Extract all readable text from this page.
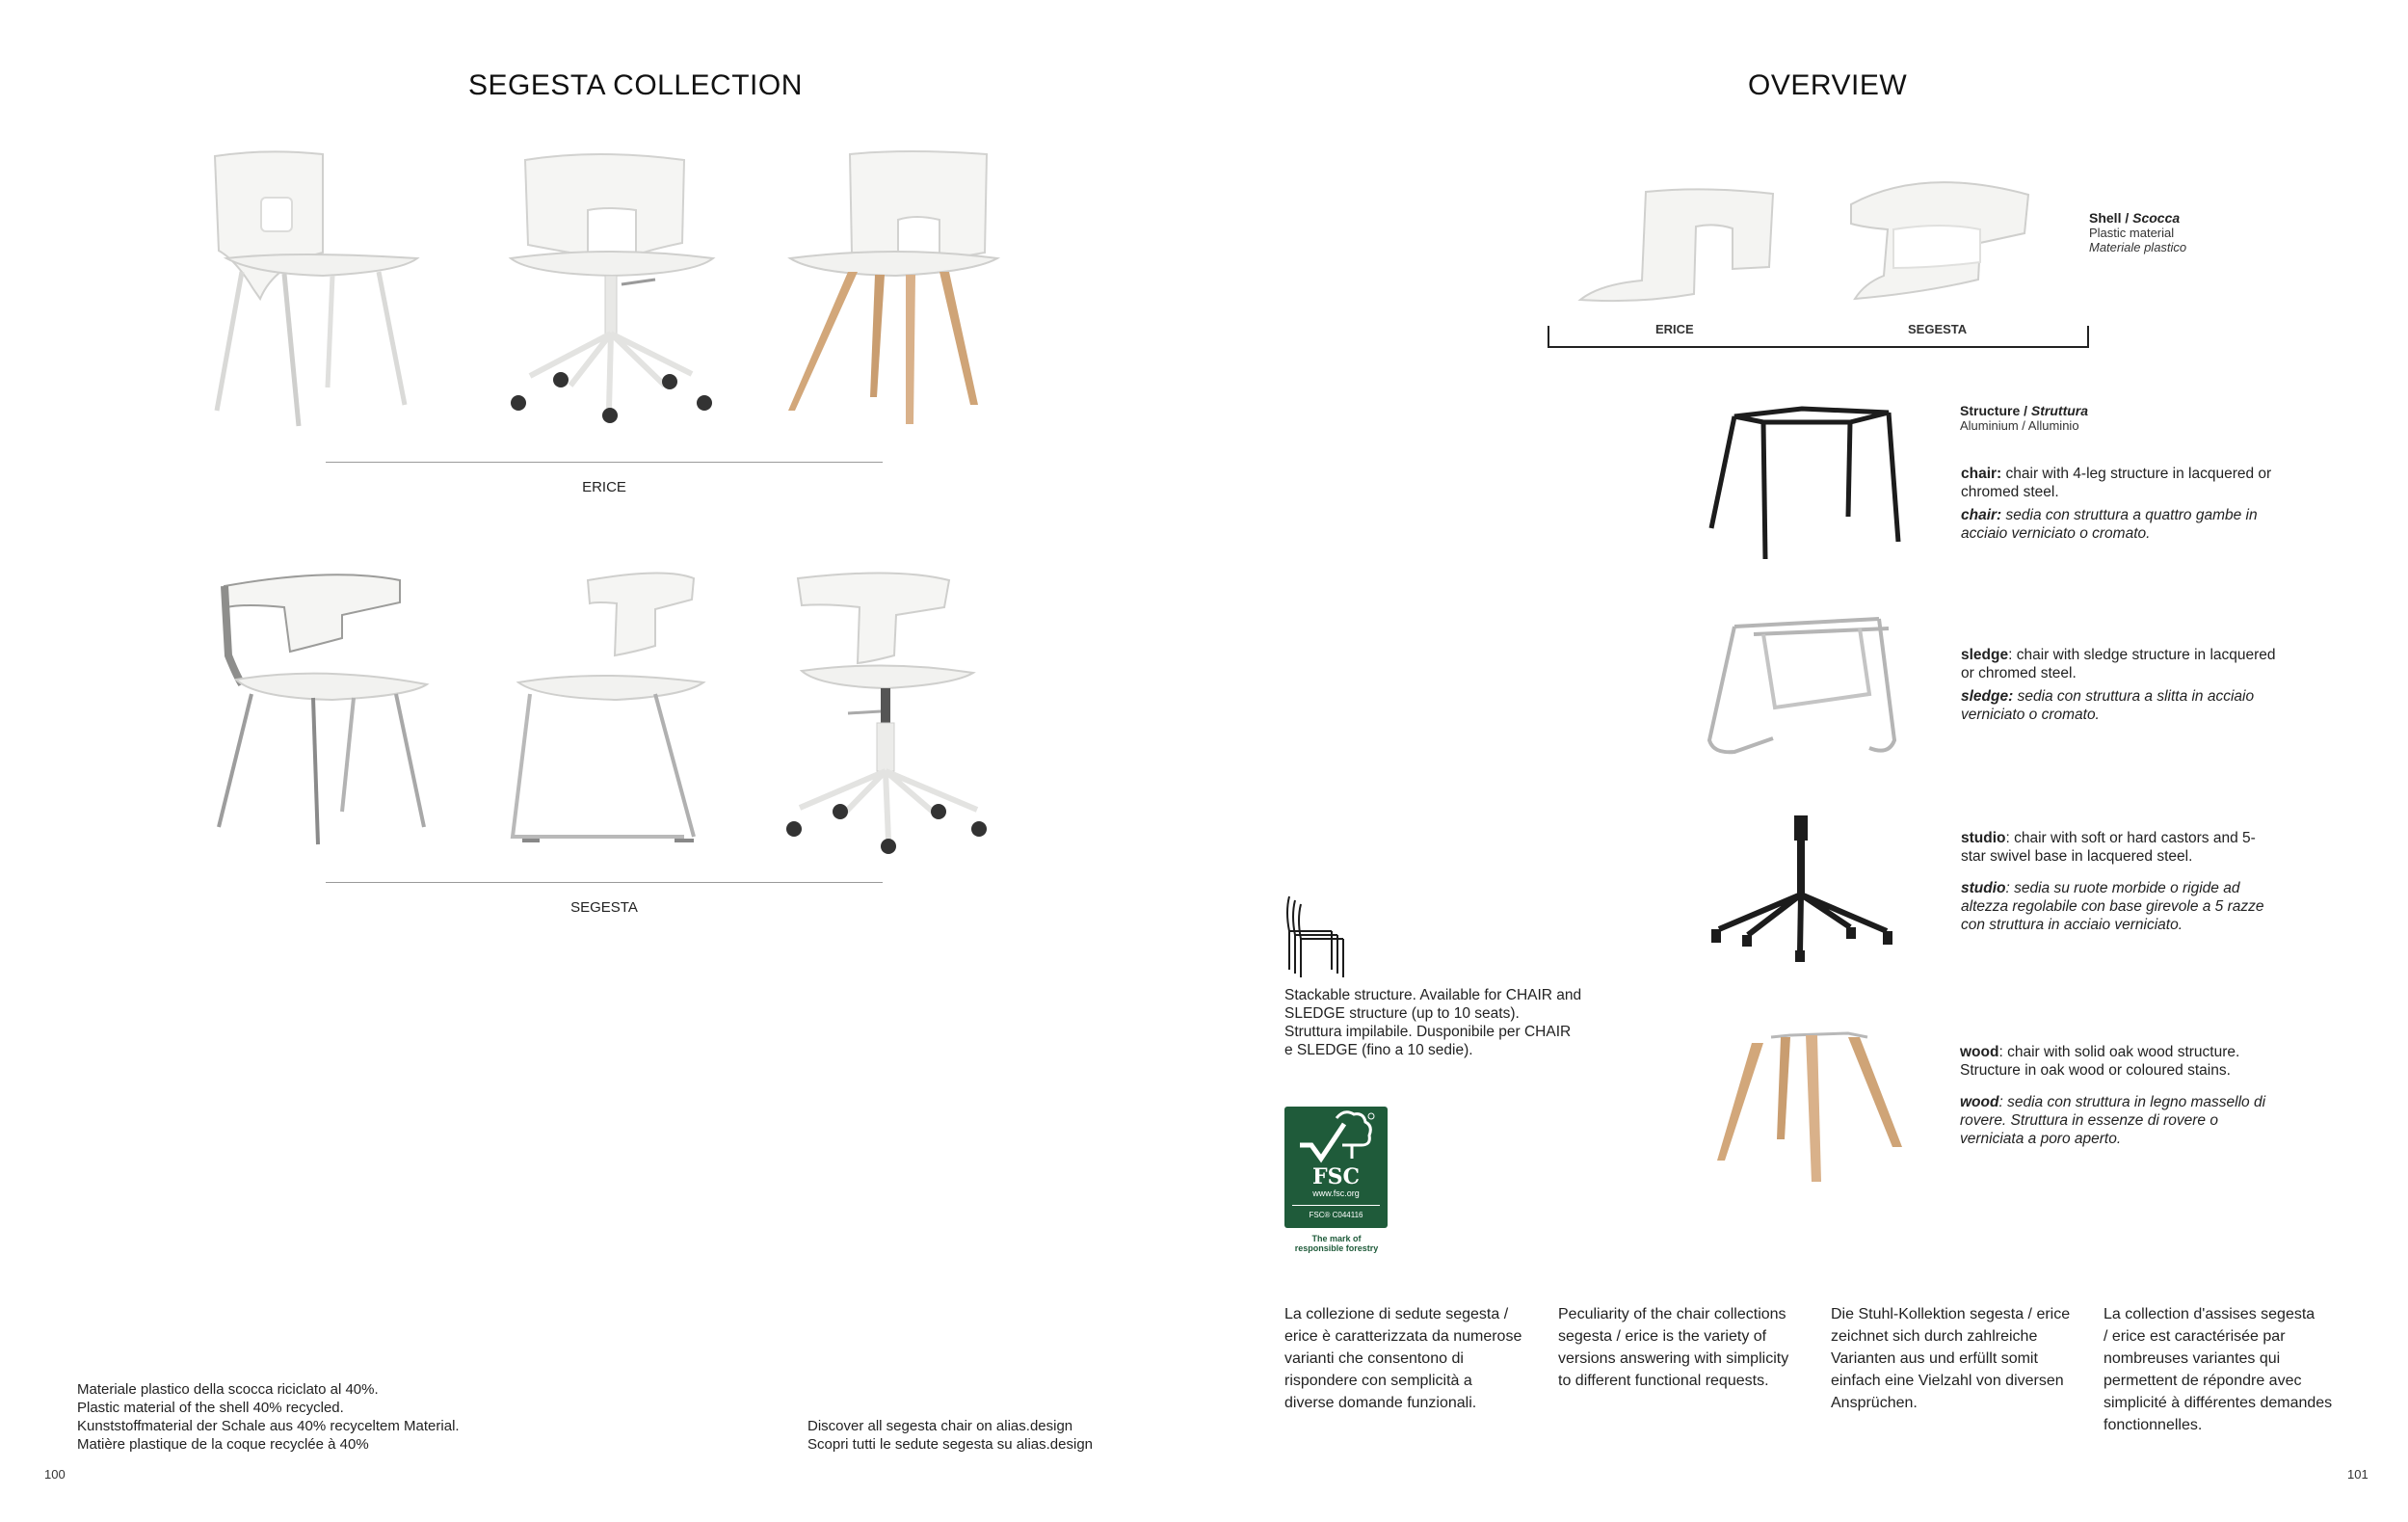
SEGESTA COLLECTION
ERICE
SEGESTA
Materiale plastico della scocca riciclato al 40%.
Plastic material of the shell 40% recycled.
Kunststoffmaterial der Schale aus 40% recyceltem Material.
Matière plastique de la coque recyclée à 40%
Discover all segesta chair on alias.design
Scopri tutti le sedute segesta su alias.design
100
OVERVIEW
ERICE	SEGESTA
Shell / Scocca
Plastic material
Materiale plastico
Structure / Struttura
Aluminium / Alluminio
chair: chair with 4-leg structure in lacquered or chromed steel.
chair: sedia con struttura a quattro gambe in acciaio verniciato o cromato.
sledge: chair with sledge structure in lacquered or chromed steel.
sledge: sedia con struttura a slitta in acciaio verniciato o cromato.
studio: chair with soft or hard castors and 5-star swivel base in lacquered steel.
studio: sedia su ruote morbide o rigide ad altezza regolabile con base girevole a 5 razze con struttura in acciaio verniciato.
Stackable structure. Available for CHAIR and
SLEDGE structure (up to 10 seats).
Struttura impilabile. Dusponibile per CHAIR
e SLEDGE (fino a 10 sedie).	wood: chair with solid oak wood structure. Structure in oak wood or coloured stains.
wood: sedia con struttura in legno massello di rovere. Struttura in essenze di rovere o verniciata a poro aperto.
FSC
www.fsc.org
FSC® C044116
The mark of
responsible forestry
La collezione di sedute segesta /
erice è caratterizzata da numerose
varianti che consentono di
rispondere con semplicità a
diverse domande funzionali.
Peculiarity of the chair collections
segesta / erice is the variety of
versions answering with simplicity
to different functional requests.
Die Stuhl-Kollektion segesta / erice
zeichnet sich durch zahlreiche
Varianten aus und erfüllt somit
einfach eine Vielzahl von diversen
Ansprüchen.
La collection d'assises segesta
/ erice est caractérisée par
nombreuses variantes qui
permettent de répondre avec
simplicité à différentes demandes
fonctionnelles.
101
